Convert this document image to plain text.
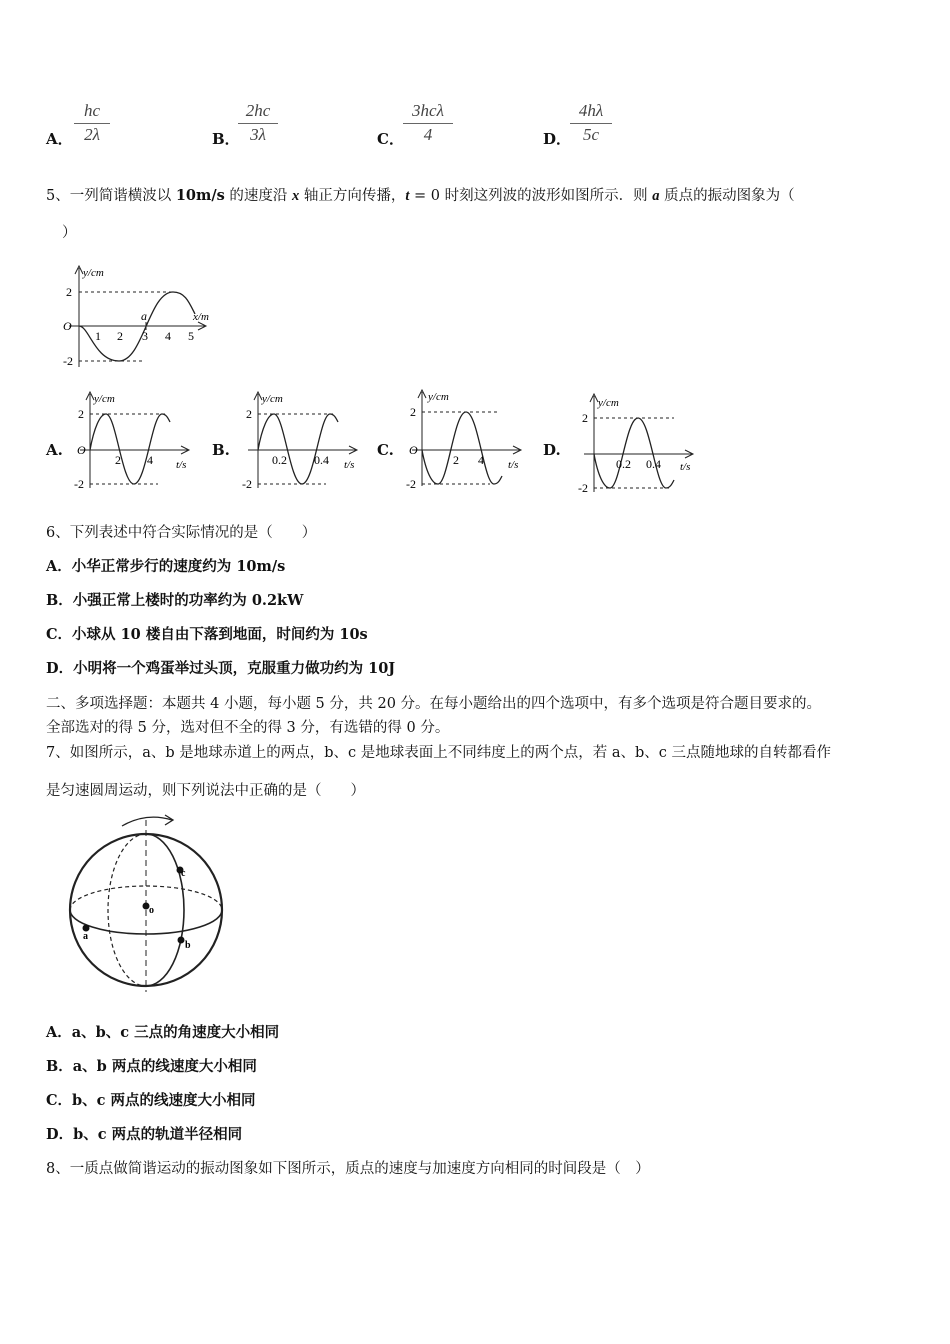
A． $\frac{hc}{2\lambda}$	B．
$\frac{2hc}{3\lambda}$	C．
3hcλ
4	D．
$\frac{4h\lambda}{5c}$
5、一列简谐横波以 10m/s 的速度沿 x 轴正方向传播，t = 0 时刻这列波的波形如图所示．则 a 质点的振动图象为（
）
y/cm
x/m
O
2
-2
1 2 3 4 5
a
A.
y/cm
t/s
O
2
-2
2 4
B.
y/cm
t/s
2
-2
0.2 0.4
C.
y/cm
t/s
O
2
-2
2 4
D.
y/cm
t/s
2
-2
0.2 0.4
6、下列表述中符合实际情况的是（　　）
A．小华正常步行的速度约为 10m/s
B．小强正常上楼时的功率约为 0.2kW
C．小球从 10 楼自由下落到地面，时间约为 10s
D．小明将一个鸡蛋举过头顶，克服重力做功约为 10J
二、多项选择题：本题共 4 小题，每小题 5 分，共 20 分。在每小题给出的四个选项中，有多个选项是符合题目要求的。
全部选对的得 5 分，选对但不全的得 3 分，有选错的得 0 分。
7、如图所示，a、b 是地球赤道上的两点，b、c 是地球表面上不同纬度上的两个点，若 a、b、c 三点随地球的自转都看作
是匀速圆周运动，则下列说法中正确的是（　　）
o
a
b
c
A．a、b、c 三点的角速度大小相同
B．a、b 两点的线速度大小相同
C．b、c 两点的线速度大小相同
D．b、c 两点的轨道半径相同
8、一质点做简谐运动的振动图象如下图所示，质点的速度与加速度方向相同的时间段是（　）
